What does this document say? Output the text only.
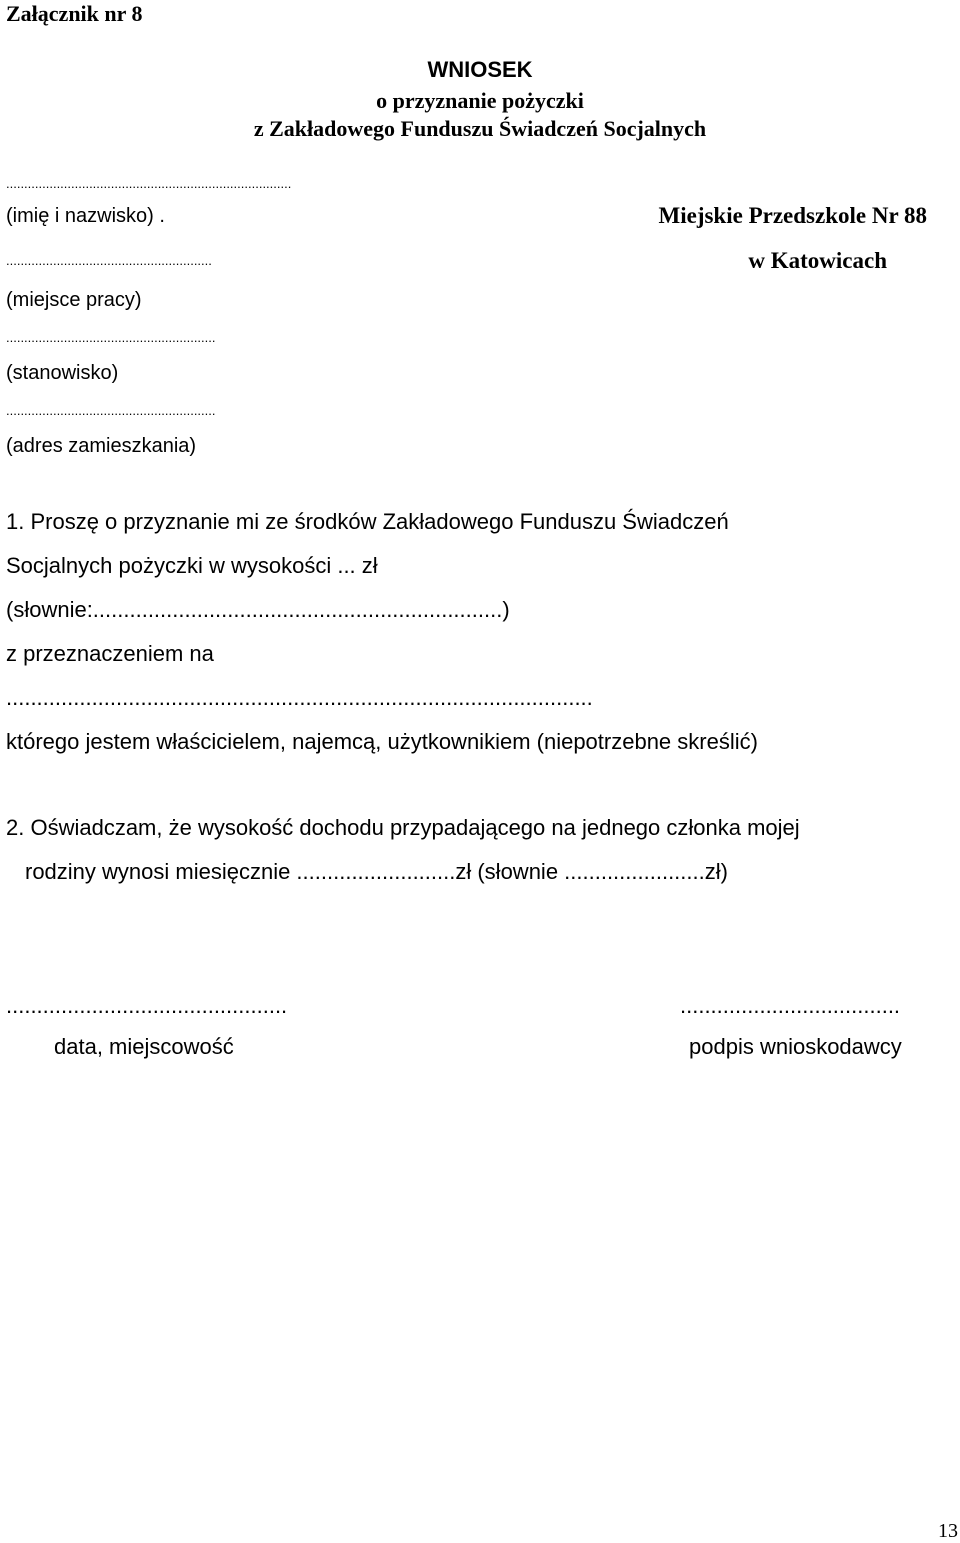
Załącznik nr 8
WNIOSEK
o przyznanie pożyczki
z Zakładowego Funduszu Świadczeń Socjalnych
...............................................................................
(imię i nazwisko) .
.........................................................
(miejsce pracy)
..........................................................
(stanowisko)
..........................................................
(adres zamieszkania)
Miejskie Przedszkole Nr 88
w Katowicach
1. Proszę o przyznanie mi ze środków Zakładowego Funduszu Świadczeń
Socjalnych pożyczki w wysokości ... zł
(słownie:...................................................................)
z przeznaczeniem na
................................................................................................
którego jestem właścicielem, najemcą, użytkownikiem (niepotrzebne skreślić)
2. Oświadczam, że wysokość dochodu przypadającego na jednego członka mojej
rodziny wynosi miesięcznie ..........................zł (słownie .......................zł)
..............................................
data, miejscowość
....................................
podpis wnioskodawcy
13
